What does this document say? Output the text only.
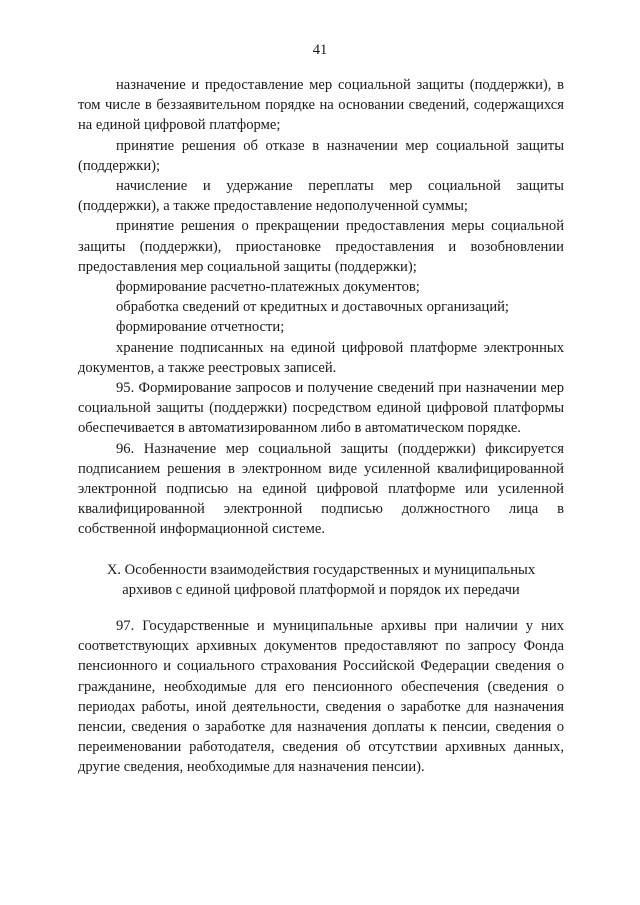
41

назначение и предоставление мер социальной защиты (поддержки), в том числе в беззаявительном порядке на основании сведений, содержащихся на единой цифровой платформе;

принятие решения об отказе в назначении мер социальной защиты (поддержки);

начисление и удержание переплаты мер социальной защиты (поддержки), а также предоставление недополученной суммы;

принятие решения о прекращении предоставления меры социальной защиты (поддержки), приостановке предоставления и возобновлении предоставления мер социальной защиты (поддержки);

формирование расчетно-платежных документов;

обработка сведений от кредитных и доставочных организаций;

формирование отчетности;

хранение подписанных на единой цифровой платформе электронных документов, а также реестровых записей.

95. Формирование запросов и получение сведений при назначении мер социальной защиты (поддержки) посредством единой цифровой платформы обеспечивается в автоматизированном либо в автоматическом порядке.

96. Назначение мер социальной защиты (поддержки) фиксируется подписанием решения в электронном виде усиленной квалифицированной электронной подписью на единой цифровой платформе или усиленной квалифицированной электронной подписью должностного лица в собственной информационной системе.

X. Особенности взаимодействия государственных и муниципальных
архивов с единой цифровой платформой и порядок их передачи

97. Государственные и муниципальные архивы при наличии у них соответствующих архивных документов предоставляют по запросу Фонда пенсионного и социального страхования Российской Федерации сведения о гражданине, необходимые для его пенсионного обеспечения (сведения о периодах работы, иной деятельности, сведения о заработке для назначения пенсии, сведения о заработке для назначения доплаты к пенсии, сведения о переименовании работодателя, сведения об отсутствии архивных данных, другие сведения, необходимые для назначения пенсии).
